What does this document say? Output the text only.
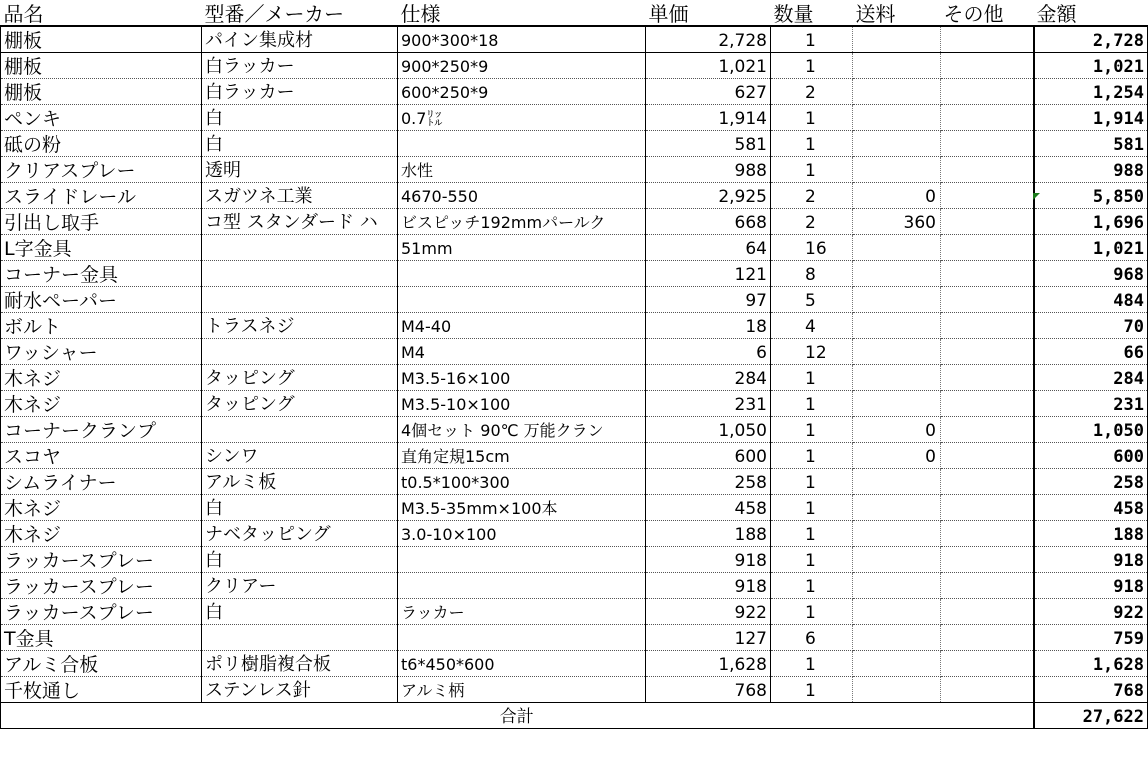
品名	型番／メーカー	仕様	単価	数量	送料	その他	金額
棚板	パイン集成材	900*300*18	2,728	1			2,728
棚板	白ラッカー	900*250*9	1,021	1			1,021
棚板	白ラッカー	600*250*9	627	2			1,254
ペンキ	白	0.7㍑	1,914	1			1,914
砥の粉	白		581	1			581
クリアスプレー	透明	水性	988	1			988
スライドレール	スガツネ工業	4670-550	2,925	2	0		5,850
引出し取手	コ型 スタンダード ハ	ビスピッチ192mmパールク	668	2	360		1,696
L字金具		51mm	64	16			1,021
コーナー金具			121	8			968
耐水ペーパー			97	5			484
ボルト	トラスネジ	M4-40	18	4			70
ワッシャー		M4	6	12			66
木ネジ	タッピング	M3.5-16×100	284	1			284
木ネジ	タッピング	M3.5-10×100	231	1			231
コーナークランプ		4個セット 90℃ 万能クラン	1,050	1	0		1,050
スコヤ	シンワ	直角定規15cm	600	1	0		600
シムライナー	アルミ板	t0.5*100*300	258	1			258
木ネジ	白	M3.5-35mm×100本	458	1			458
木ネジ	ナベタッピング	3.0-10×100	188	1			188
ラッカースプレー	白		918	1			918
ラッカースプレー	クリアー		918	1			918
ラッカースプレー	白	ラッカー	922	1			922
T金具			127	6			759
アルミ合板	ポリ樹脂複合板	t6*450*600	1,628	1			1,628
千枚通し	ステンレス針	アルミ柄	768	1			768
合計							27,622
